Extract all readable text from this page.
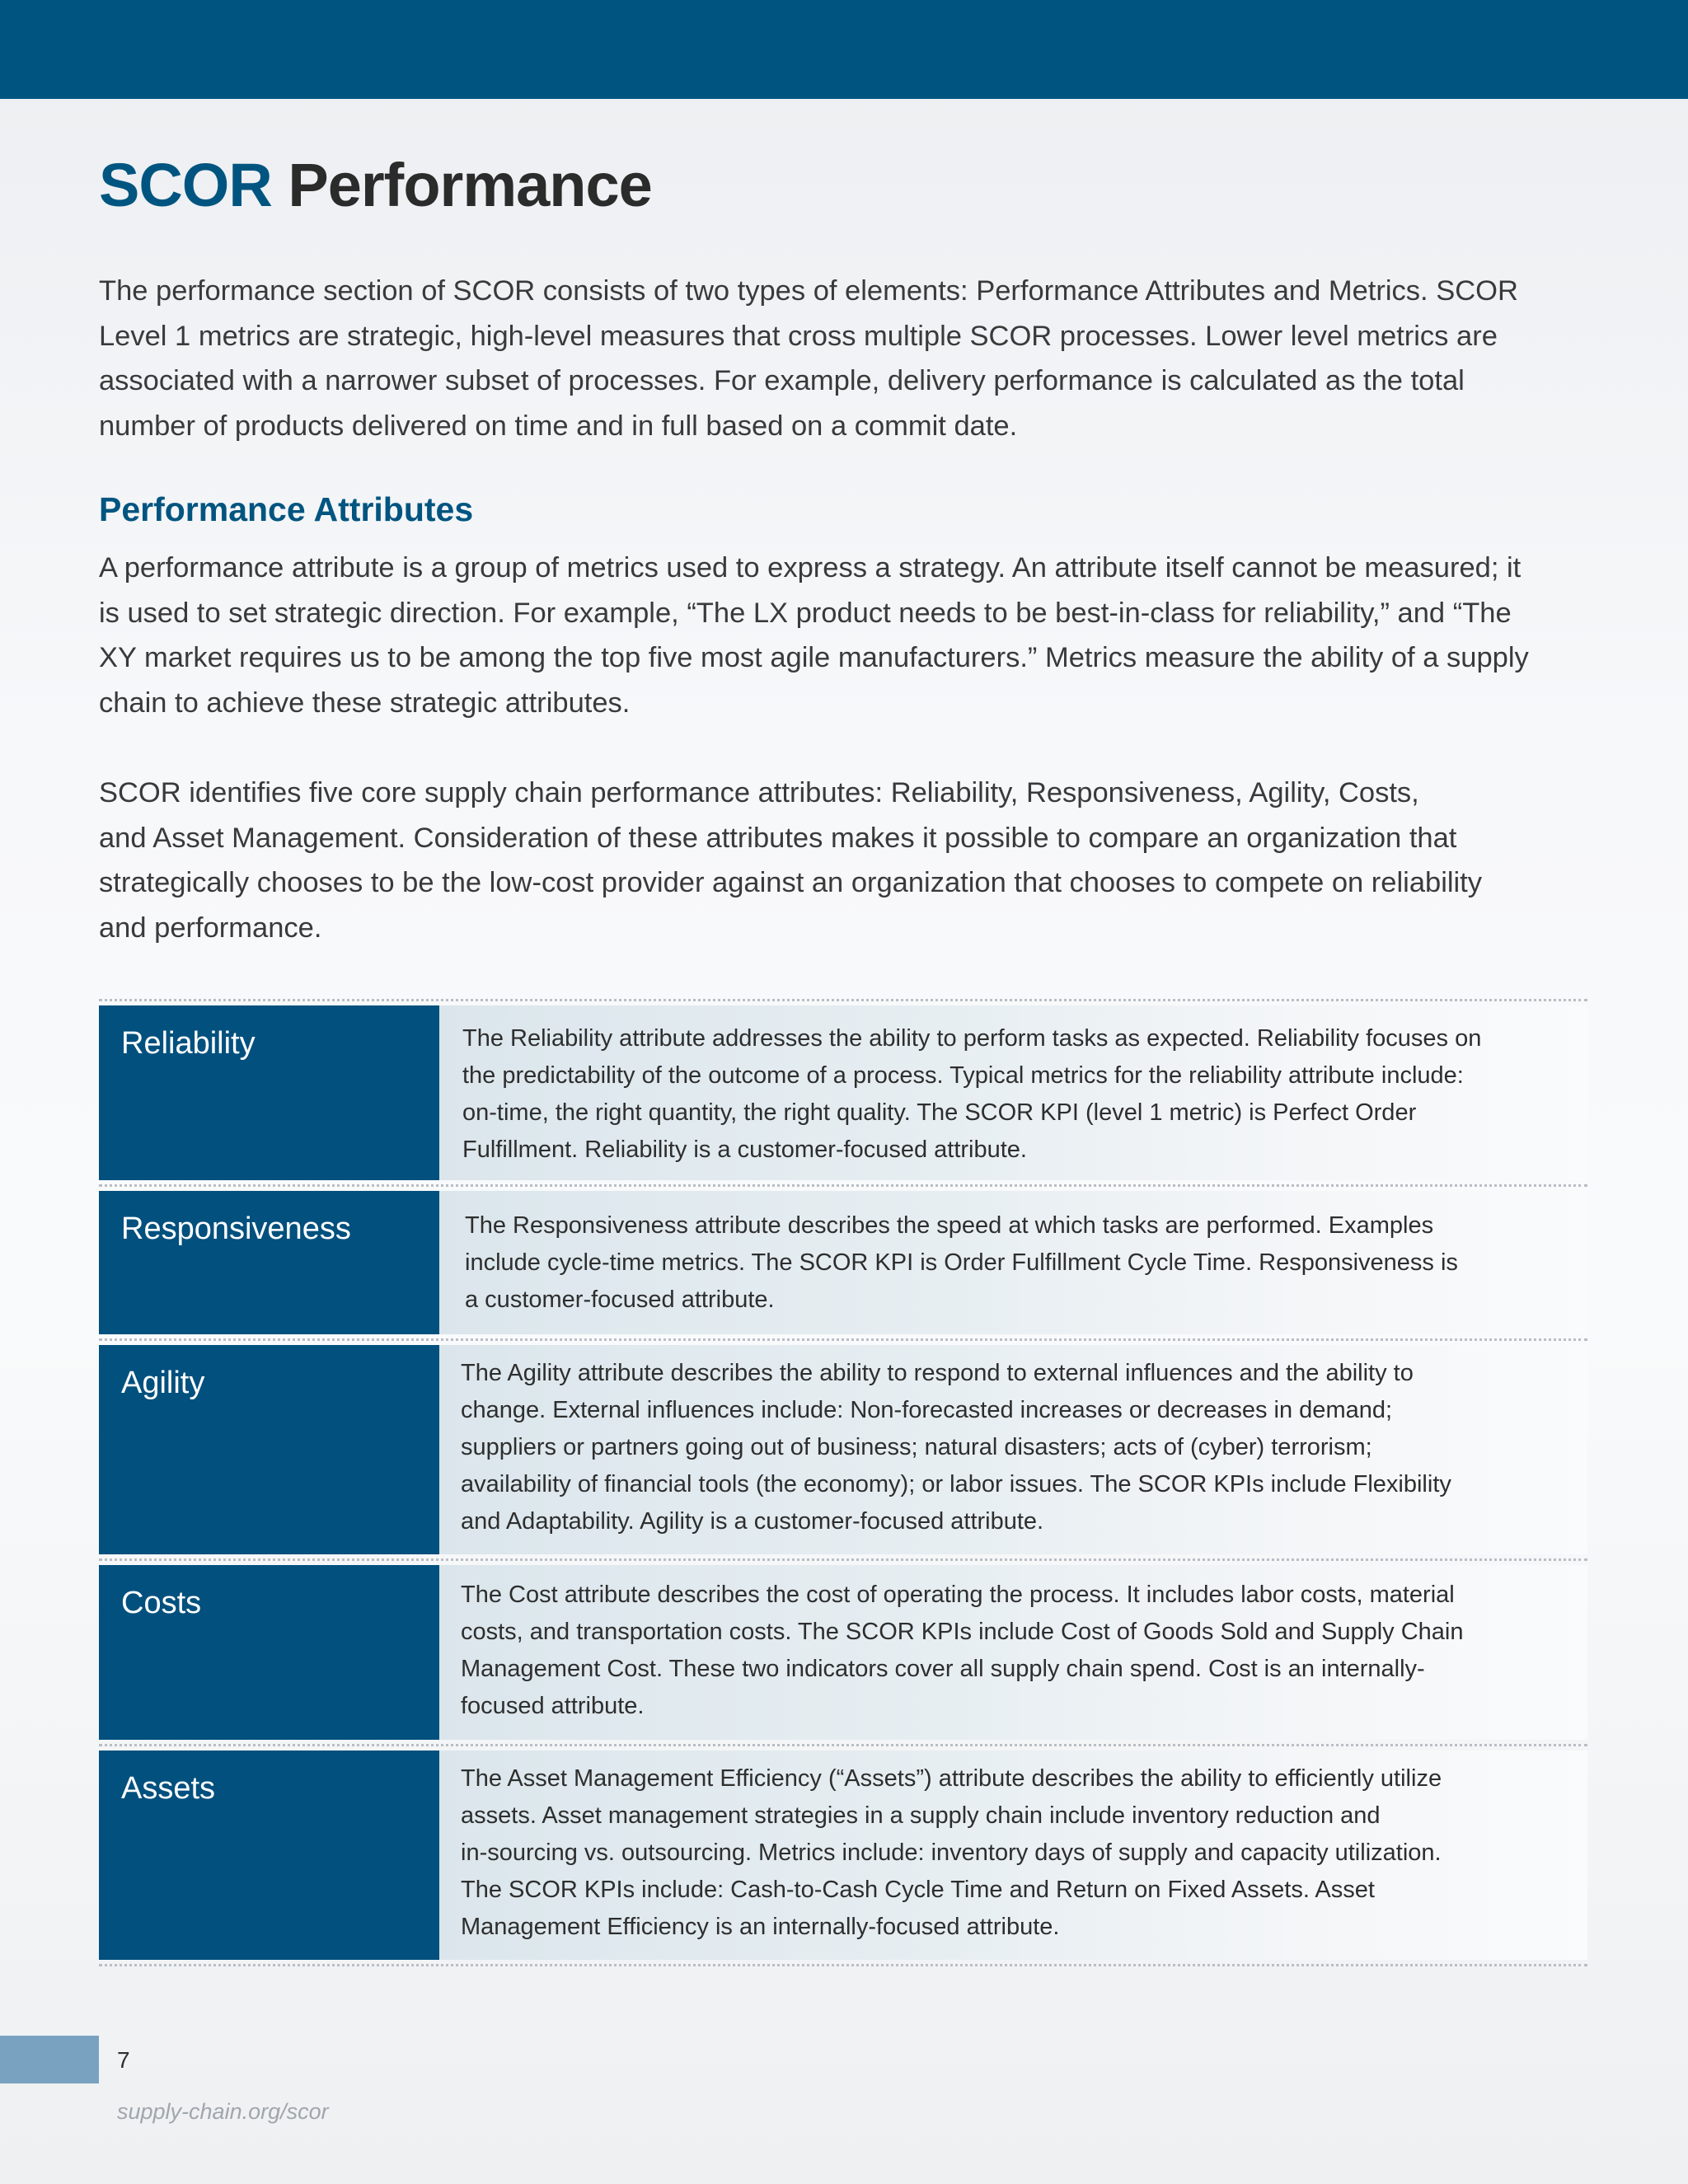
SCOR Performance

The performance section of SCOR consists of two types of elements: Performance Attributes and Metrics. SCOR

Level 1 metrics are strategic, high-level measures that cross multiple SCOR processes. Lower level metrics are

associated with a narrower subset of processes. For example, delivery performance is calculated as the total

number of products delivered on time and in full based on a commit date.

Performance Attributes

A performance attribute is a group of metrics used to express a strategy. An attribute itself cannot be measured; it

is used to set strategic direction. For example, “The LX product needs to be best-in-class for reliability,” and “The

XY market requires us to be among the top five most agile manufacturers.” Metrics measure the ability of a supply

chain to achieve these strategic attributes.

SCOR identifies five core supply chain performance attributes: Reliability, Responsiveness, Agility, Costs,

and Asset Management. Consideration of these attributes makes it possible to compare an organization that

strategically chooses to be the low-cost provider against an organization that chooses to compete on reliability

and performance.

Reliability	The Reliability attribute addresses the ability to perform tasks as expected. Reliability focuses on

the predictability of the outcome of a process. Typical metrics for the reliability attribute include:

on-time, the right quantity, the right quality. The SCOR KPI (level 1 metric) is Perfect Order

Fulfillment. Reliability is a customer-focused attribute.

Responsiveness	The Responsiveness attribute describes the speed at which tasks are performed. Examples

include cycle-time metrics. The SCOR KPI is Order Fulfillment Cycle Time. Responsiveness is

a customer-focused attribute.

Agility	The Agility attribute describes the ability to respond to external influences and the ability to

change. External influences include: Non-forecasted increases or decreases in demand;

suppliers or partners going out of business; natural disasters; acts of (cyber) terrorism;

availability of financial tools (the economy); or labor issues. The SCOR KPIs include Flexibility

and Adaptability. Agility is a customer-focused attribute.

Costs	The Cost attribute describes the cost of operating the process. It includes labor costs, material

costs, and transportation costs. The SCOR KPIs include Cost of Goods Sold and Supply Chain

Management Cost. These two indicators cover all supply chain spend. Cost is an internally-

focused attribute.

Assets	The Asset Management Efficiency (“Assets”) attribute describes the ability to efficiently utilize

assets. Asset management strategies in a supply chain include inventory reduction and

in-sourcing vs. outsourcing. Metrics include: inventory days of supply and capacity utilization.

The SCOR KPIs include: Cash-to-Cash Cycle Time and Return on Fixed Assets. Asset

Management Efficiency is an internally-focused attribute.

7
supply-chain.org/scor
